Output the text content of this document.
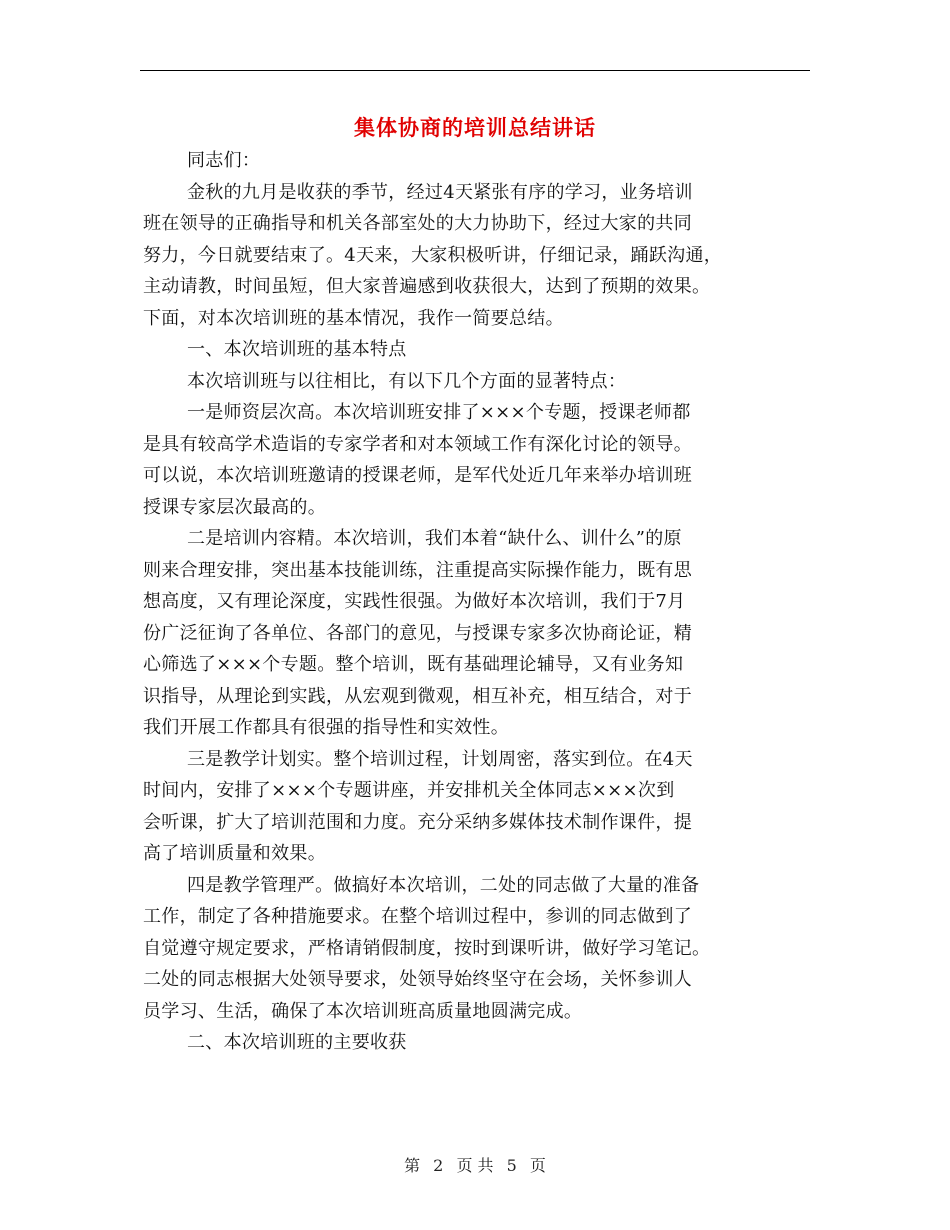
集体协商的培训总结讲话
同志们：
金秋的九月是收获的季节，经过4天紧张有序的学习，业务培训
班在领导的正确指导和机关各部室处的大力协助下，经过大家的共同
努力，今日就要结束了。4天来，大家积极听讲，仔细记录，踊跃沟通，
主动请教，时间虽短，但大家普遍感到收获很大，达到了预期的效果。
下面，对本次培训班的基本情况，我作一简要总结。
一、本次培训班的基本特点
本次培训班与以往相比，有以下几个方面的显著特点：
一是师资层次高。本次培训班安排了×××个专题，授课老师都
是具有较高学术造诣的专家学者和对本领域工作有深化讨论的领导。
可以说，本次培训班邀请的授课老师，是军代处近几年来举办培训班
授课专家层次最高的。
二是培训内容精。本次培训，我们本着“缺什么、训什么”的原
则来合理安排，突出基本技能训练，注重提高实际操作能力，既有思
想高度，又有理论深度，实践性很强。为做好本次培训，我们于7月
份广泛征询了各单位、各部门的意见，与授课专家多次协商论证，精
心筛选了×××个专题。整个培训，既有基础理论辅导，又有业务知
识指导，从理论到实践，从宏观到微观，相互补充，相互结合，对于
我们开展工作都具有很强的指导性和实效性。
三是教学计划实。整个培训过程，计划周密，落实到位。在4天
时间内，安排了×××个专题讲座，并安排机关全体同志×××次到
会听课，扩大了培训范围和力度。充分采纳多媒体技术制作课件，提
高了培训质量和效果。
四是教学管理严。做搞好本次培训，二处的同志做了大量的准备
工作，制定了各种措施要求。在整个培训过程中，参训的同志做到了
自觉遵守规定要求，严格请销假制度，按时到课听讲，做好学习笔记。
二处的同志根据大处领导要求，处领导始终坚守在会场，关怀参训人
员学习、生活，确保了本次培训班高质量地圆满完成。
二、本次培训班的主要收获
第 2 页 共 5 页
